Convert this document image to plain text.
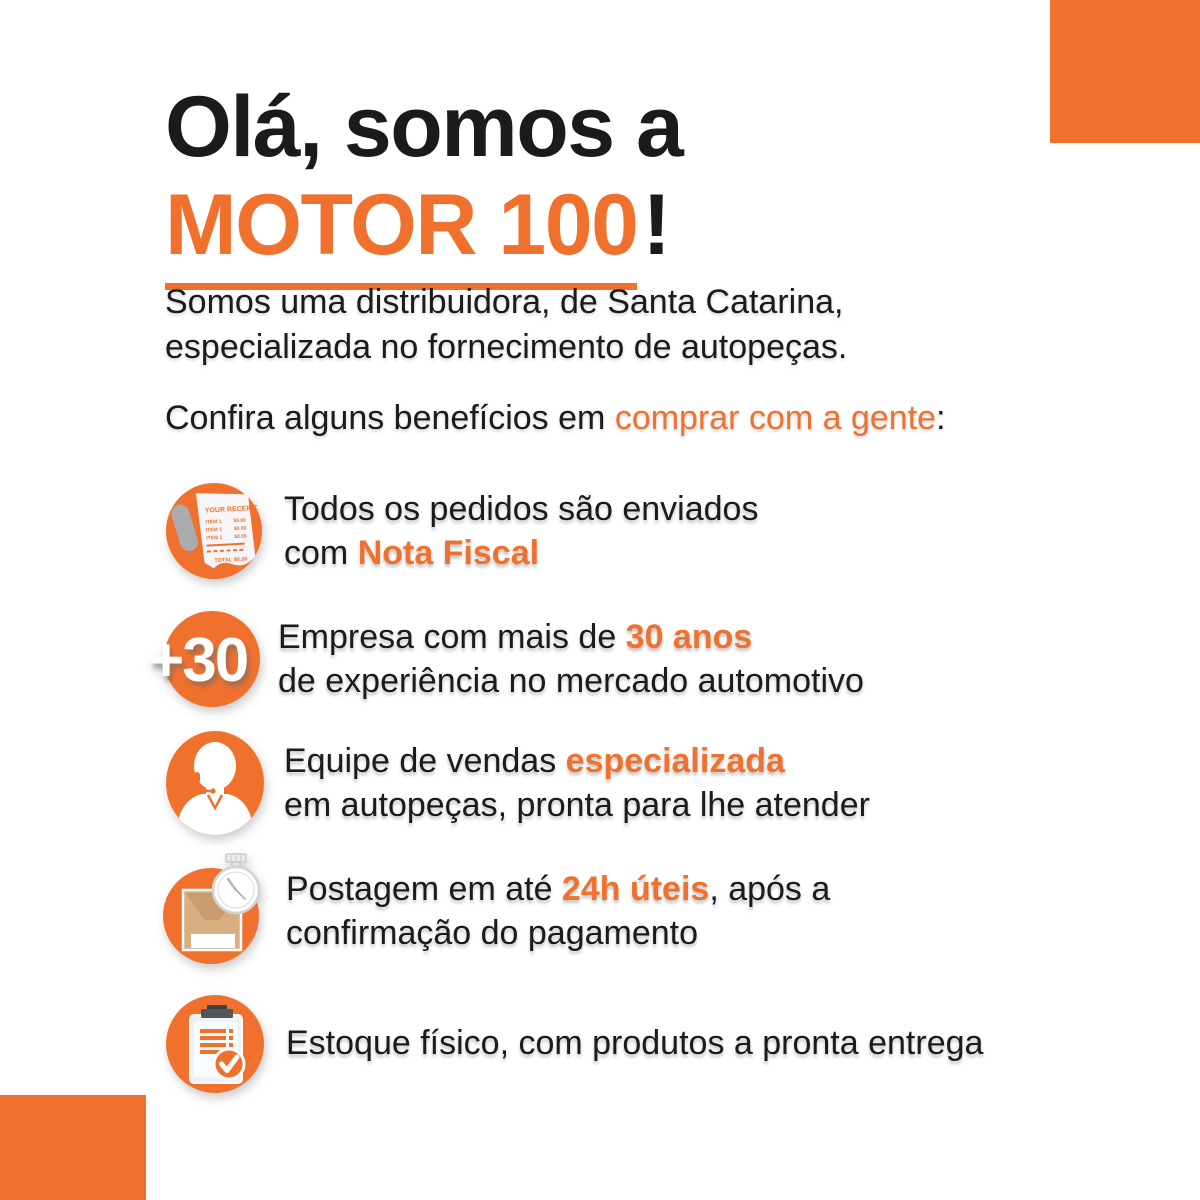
Olá, somos a
MOTOR 100!
Somos uma distribuidora, de Santa Catarina,
especializada no fornecimento de autopeças.
Confira alguns benefícios em comprar com a gente:
YOUR RECEIPT
ITEM 1 $0.00
ITEM 1 $0.00
ITEM 1 $0.00
TOTAL $0.00
Todos os pedidos são enviados
com Nota Fiscal
+30 Empresa com mais de 30 anos
de experiência no mercado automotivo
Equipe de vendas especializada
em autopeças, pronta para lhe atender
Postagem em até 24h úteis, após a
confirmação do pagamento
Estoque físico, com produtos a pronta entrega
